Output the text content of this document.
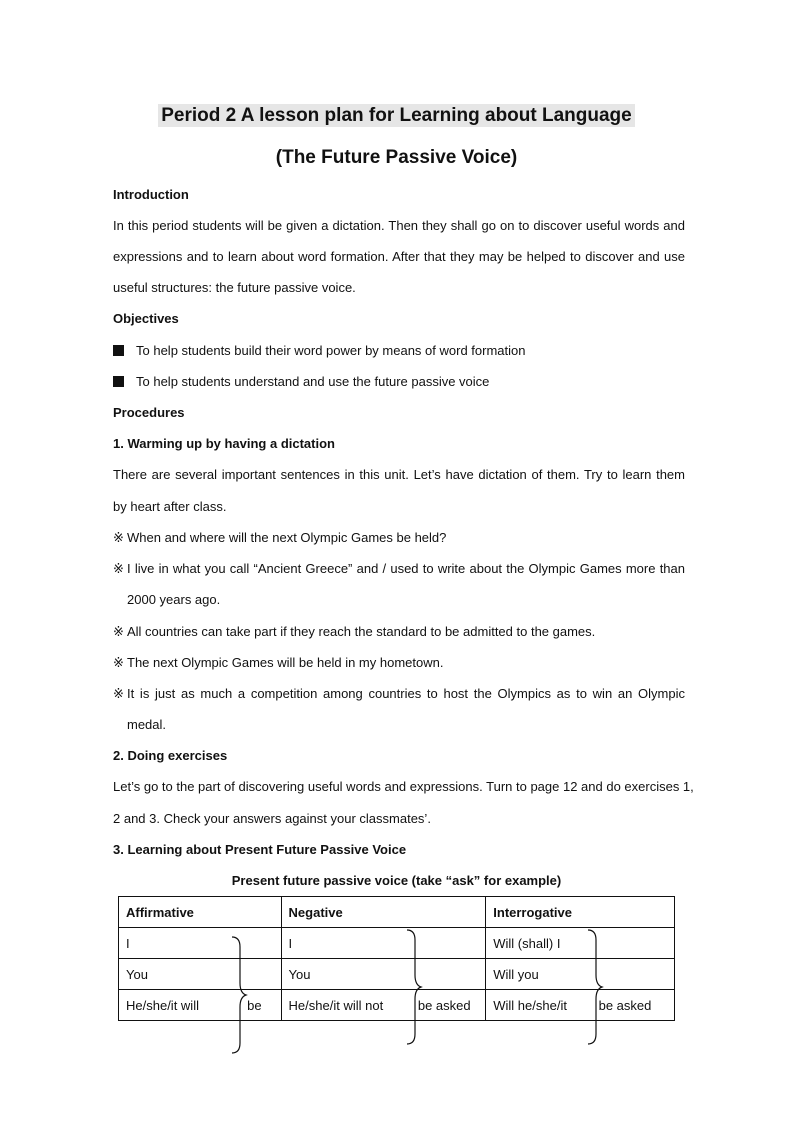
Period 2 A lesson plan for Learning about Language
(The Future Passive Voice)
Introduction
In this period students will be given a dictation. Then they shall go on to discover useful words and
expressions and to learn about word formation. After that they may be helped to discover and use
useful structures: the future passive voice.
Objectives
To help students build their word power by means of word formation
To help students understand and use the future passive voice
Procedures
1. Warming up by having a dictation
There are several important sentences in this unit. Let’s have dictation of them. Try to learn them
by heart after class.
※ When and where will the next Olympic Games be held?
※ I live in what you call “Ancient Greece” and / used to write about the Olympic Games more than
2000 years ago.
※ All countries can take part if they reach the standard to be admitted to the games.
※ The next Olympic Games will be held in my hometown.
※ It is just as much a competition among countries to host the Olympics as to win an Olympic
medal.
2. Doing exercises
Let’s go to the part of discovering useful words and expressions. Turn to page 12 and do exercises 1,
2 and 3. Check your answers against your classmates’.
3. Learning about Present Future Passive Voice
Present future passive voice (take “ask” for example)
Affirmative		Negative		Interrogative	
I		I		Will (shall) I	
You		You		Will you	
He/she/it will	be	He/she/it will not	be asked	Will he/she/it	be asked
